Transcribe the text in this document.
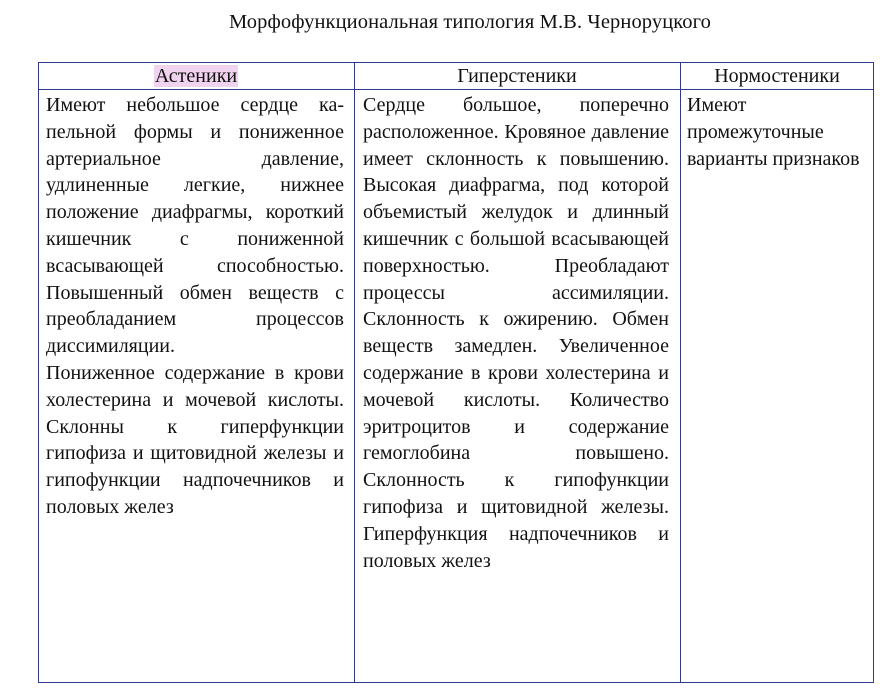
Морфофункциональная типология М.В. Черноруцкого
Астеники	Гиперстеники	Нормостеники

Имеют небольшое сердце капельной формы и пониженное артериальное давление, удлиненные легкие, нижнее положение диафрагмы, короткий кишечник с пониженной всасывающей способностью. Повышенный обмен веществ с преобладанием процессов диссимиляции.

Пониженное содержание в крови холестерина и мочевой кислоты. Склонны к гиперфункции гипофиза и щитовидной железы и гипофункции надпочечников и половых желез

Сердце большое, поперечно расположенное. Кровяное давление имеет склонность к повышению. Высокая диафрагма, под которой объемистый желудок и длинный кишечник с большой всасывающей поверхностью. Преобладают процессы ассимиляции. Склонность к ожирению. Обмен веществ замедлен. Увеличенное содержание в крови холестерина и мочевой кислоты. Количество эритроцитов и содержание гемоглобина повышено. Склонность к гипофункции гипофиза и щитовидной железы. Гиперфункция надпочечников и половых желез

Имеют промежуточные варианты признаков
